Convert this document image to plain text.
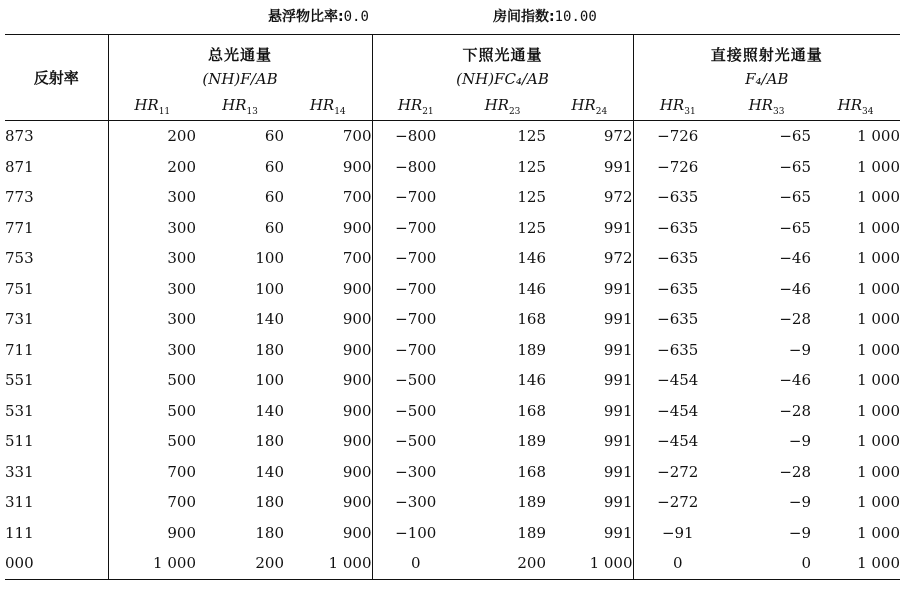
悬浮物比率:0.0	房间指数:10.00
反射率	总光通量			下照光通量			直接照射光通量		
	(NH)F/AB			(NH)FC₄/AB			F₄/AB		
	$HR_{11}$	$HR_{13}$	$HR_{14}$	$HR_{21}$	$HR_{23}$	$HR_{24}$	$HR_{31}$	$HR_{33}$	$HR_{34}$
873	200	60	700	−800	125	972	−726	−65	1 000
871	200	60	900	−800	125	991	−726	−65	1 000
773	300	60	700	−700	125	972	−635	−65	1 000
771	300	60	900	−700	125	991	−635	−65	1 000
753	300	100	700	−700	146	972	−635	−46	1 000
751	300	100	900	−700	146	991	−635	−46	1 000
731	300	140	900	−700	168	991	−635	−28	1 000
711	300	180	900	−700	189	991	−635	−9	1 000
551	500	100	900	−500	146	991	−454	−46	1 000
531	500	140	900	−500	168	991	−454	−28	1 000
511	500	180	900	−500	189	991	−454	−9	1 000
331	700	140	900	−300	168	991	−272	−28	1 000
311	700	180	900	−300	189	991	−272	−9	1 000
111	900	180	900	−100	189	991	−91	−9	1 000
000	1 000	200	1 000	0	200	1 000	0	0	1 000
